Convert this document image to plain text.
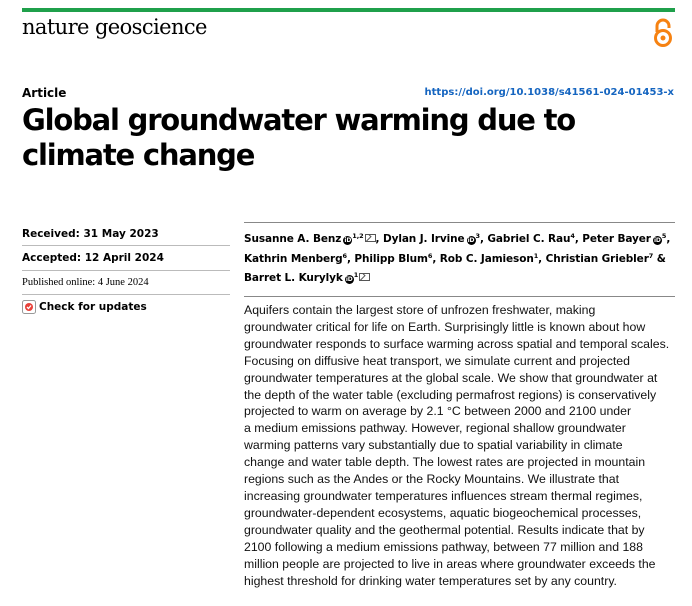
nature geoscience
Article	https://doi.org/10.1038/s41561-024-01453-x
Global groundwater warming due to climate change
Received: 31 May 2023
Accepted: 12 April 2024
Published online: 4 June 2024
Check for updates
Susanne A. Benz iD$^{1,2}$ , Dylan J. Irvine $iD^3$, Gabriel C. Rau$^4$, Peter Bayer $iD^5$, Kathrin Menberg$^6$, Philipp Blum$^6$, Rob C. Jamieson$^1$, Christian Griebler$^7$ & Barret L. Kurylyk $iD^1$
Aquifers contain the largest store of unfrozen freshwater, making
groundwater critical for life on Earth. Surprisingly little is known about how
groundwater responds to surface warming across spatial and temporal scales.
Focusing on diffusive heat transport, we simulate current and projected
groundwater temperatures at the global scale. We show that groundwater at
the depth of the water table (excluding permafrost regions) is conservatively
projected to warm on average by 2.1 °C between 2000 and 2100 under
a medium emissions pathway. However, regional shallow groundwater
warming patterns vary substantially due to spatial variability in climate
change and water table depth. The lowest rates are projected in mountain
regions such as the Andes or the Rocky Mountains. We illustrate that
increasing groundwater temperatures influences stream thermal regimes,
groundwater-dependent ecosystems, aquatic biogeochemical processes,
groundwater quality and the geothermal potential. Results indicate that by
2100 following a medium emissions pathway, between 77 million and 188
million people are projected to live in areas where groundwater exceeds the
highest threshold for drinking water temperatures set by any country.
